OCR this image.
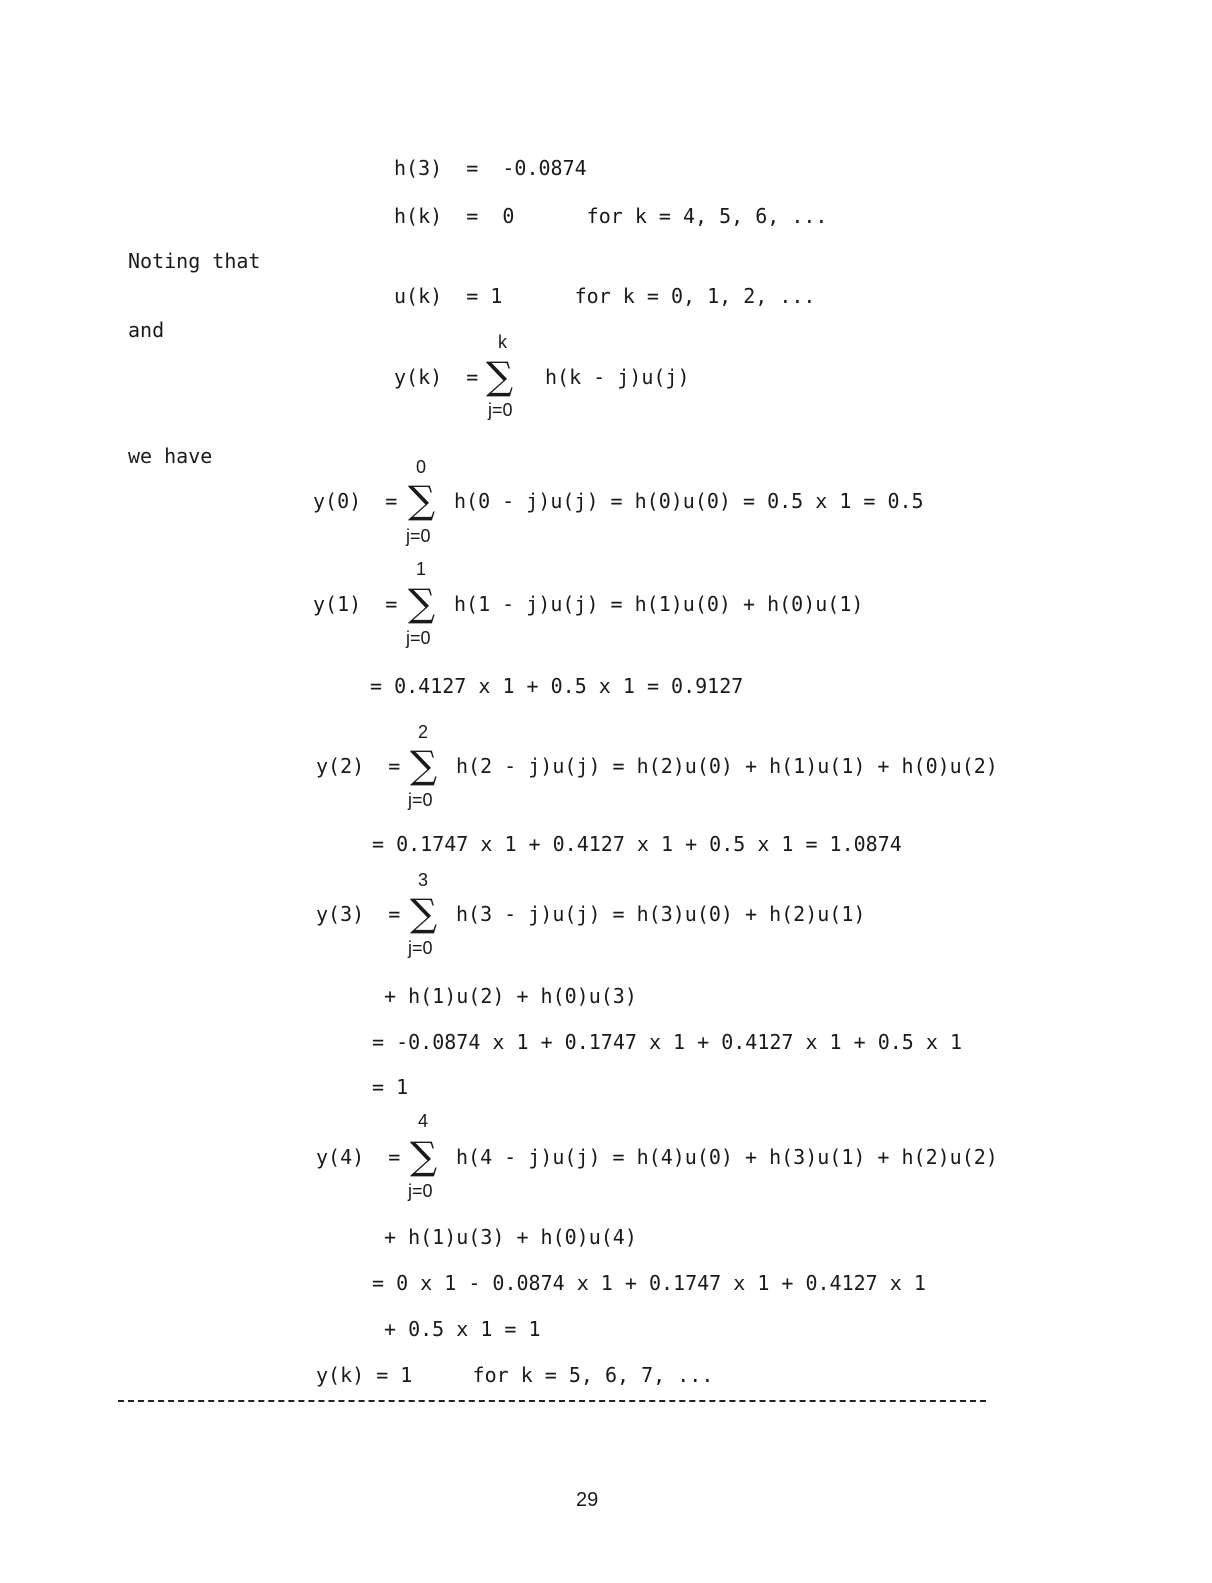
h(3)  =  -0.0874
h(k)  =  0      for k = 4, 5, 6, ...
Noting that
u(k)  = 1      for k = 0, 1, 2, ...
and	k
y(k)  = ∑ h(k - j)u(j)
j=0
we have	0
y(0)  = ∑ h(0 - j)u(j) = h(0)u(0) = 0.5 x 1 = 0.5
j=0
1
y(1)  = ∑ h(1 - j)u(j) = h(1)u(0) + h(0)u(1)
j=0
= 0.4127 x 1 + 0.5 x 1 = 0.9127
2
y(2)  = ∑ h(2 - j)u(j) = h(2)u(0) + h(1)u(1) + h(0)u(2)
j=0
= 0.1747 x 1 + 0.4127 x 1 + 0.5 x 1 = 1.0874
3
y(3)  = ∑ h(3 - j)u(j) = h(3)u(0) + h(2)u(1)
j=0
+ h(1)u(2) + h(0)u(3)
= -0.0874 x 1 + 0.1747 x 1 + 0.4127 x 1 + 0.5 x 1
= 1
4
y(4)  = ∑ h(4 - j)u(j) = h(4)u(0) + h(3)u(1) + h(2)u(2)
j=0
+ h(1)u(3) + h(0)u(4)
= 0 x 1 - 0.0874 x 1 + 0.1747 x 1 + 0.4127 x 1
+ 0.5 x 1 = 1
y(k) = 1     for k = 5, 6, 7, ...
29
